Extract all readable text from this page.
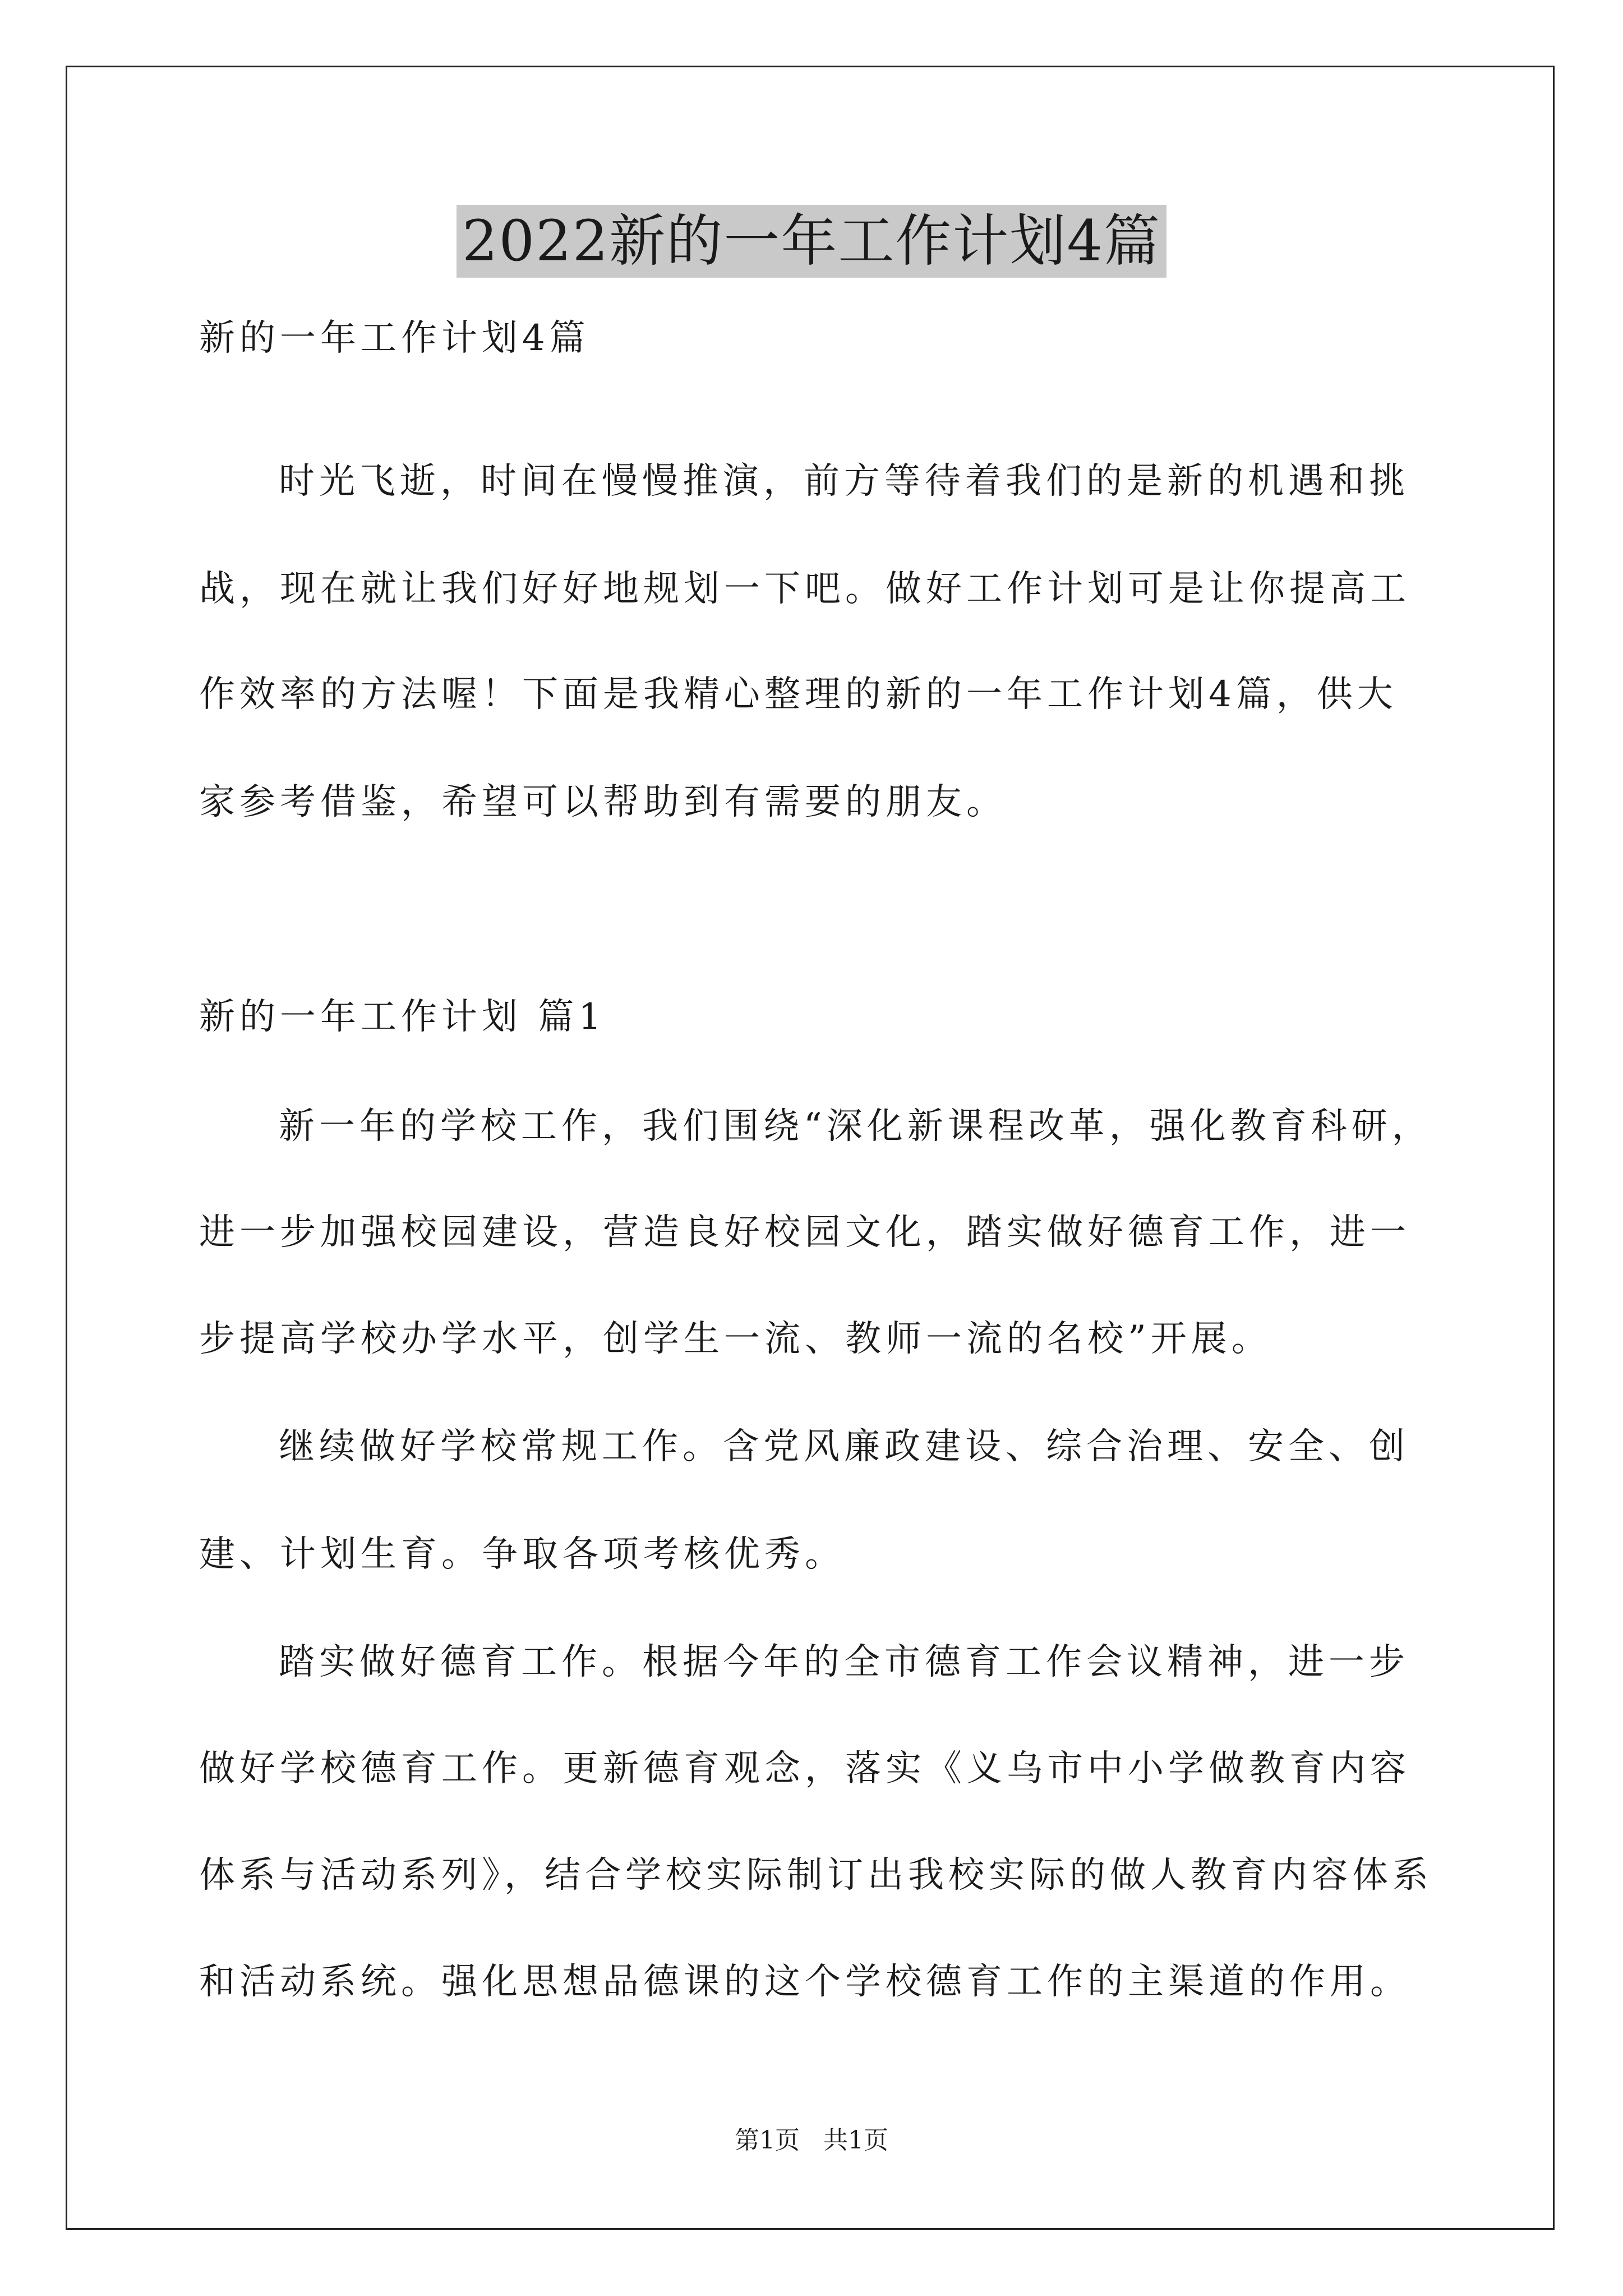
2022新的一年工作计划4篇
新的一年工作计划4篇
时光飞逝，时间在慢慢推演，前方等待着我们的是新的机遇和挑
战，现在就让我们好好地规划一下吧。做好工作计划可是让你提高工
作效率的方法喔！下面是我精心整理的新的一年工作计划4篇，供大
家参考借鉴，希望可以帮助到有需要的朋友。
新的一年工作计划 篇1
新一年的学校工作，我们围绕“深化新课程改革，强化教育科研，
进一步加强校园建设，营造良好校园文化，踏实做好德育工作，进一
步提高学校办学水平，创学生一流、教师一流的名校”开展。
继续做好学校常规工作。含党风廉政建设、综合治理、安全、创
建、计划生育。争取各项考核优秀。
踏实做好德育工作。根据今年的全市德育工作会议精神，进一步
做好学校德育工作。更新德育观念，落实《义乌市中小学做教育内容
体系与活动系列》，结合学校实际制订出我校实际的做人教育内容体系
和活动系统。强化思想品德课的这个学校德育工作的主渠道的作用。
第1页 共1页
